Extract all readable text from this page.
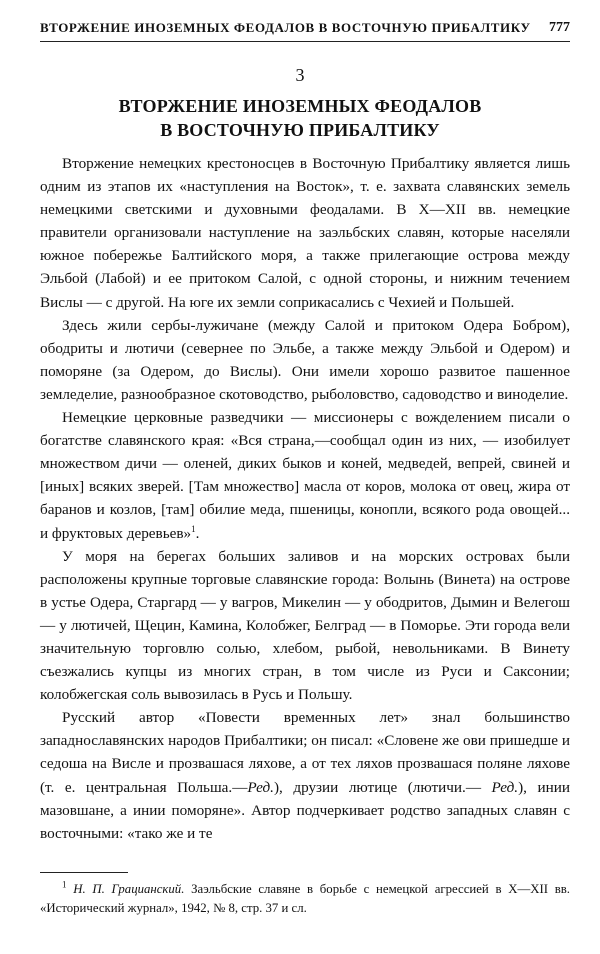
ВТОРЖЕНИЕ ИНОЗЕМНЫХ ФЕОДАЛОВ В ВОСТОЧНУЮ ПРИБАЛТИКУ 777
3
ВТОРЖЕНИЕ ИНОЗЕМНЫХ ФЕОДАЛОВ
В ВОСТОЧНУЮ ПРИБАЛТИКУ

Вторжение немецких крестоносцев в Восточную Прибалтику является лишь одним из этапов их «наступления на Восток», т. е. захвата славянских земель немецкими светскими и духовными феодалами. В X—XII вв. немецкие правители организовали наступление на заэльбских славян, которые населяли южное побережье Балтийского моря, а также прилегающие острова между Эльбой (Лабой) и ее притоком Салой, с одной стороны, и нижним течением Вислы — с другой. На юге их земли соприкасались с Чехией и Польшей.

Здесь жили сербы-лужичане (между Салой и притоком Одера Бобром), ободриты и лютичи (севернее по Эльбе, а также между Эльбой и Одером) и поморяне (за Одером, до Вислы). Они имели хорошо развитое пашенное земледелие, разнообразное скотоводство, рыболовство, садоводство и виноделие.

Немецкие церковные разведчики — миссионеры с вожделением писали о богатстве славянского края: «Вся страна,—сообщал один из них, — изобилует множеством дичи — оленей, диких быков и коней, медведей, вепрей, свиней и [иных] всяких зверей. [Там множество] масла от коров, молока от овец, жира от баранов и козлов, [там] обилие меда, пшеницы, конопли, всякого рода овощей... и фруктовых деревьев»$^1$.

У моря на берегах больших заливов и на морских островах были расположены крупные торговые славянские города: Волынь (Винета) на острове в устье Одера, Старгард — у вагров, Микелин — у ободритов, Дымин и Велегош — у лютичей, Щецин, Камина, Колобжег, Белград — в Поморье. Эти города вели значительную торговлю солью, хлебом, рыбой, невольниками. В Винету съезжались купцы из многих стран, в том числе из Руси и Саксонии; колобжегская соль вывозилась в Русь и Польшу.

Русский автор «Повести временных лет» знал большинство западнославянских народов Прибалтики; он писал: «Словене же ови пришедше и седоша на Висле и прозвашася ляхове, а от тех ляхов прозвашася поляне ляхове (т. е. центральная Польша.—Ред.), друзии лютице (лютичи.— Ред.), инии мазовшане, а инии поморяне». Автор подчеркивает родство западных славян с восточными: «тако же и те

$^1$ Н. П. Грацианский. Заэльбские славяне в борьбе с немецкой агрессией в X—XII вв. «Исторический журнал», 1942, № 8, стр. 37 и сл.
